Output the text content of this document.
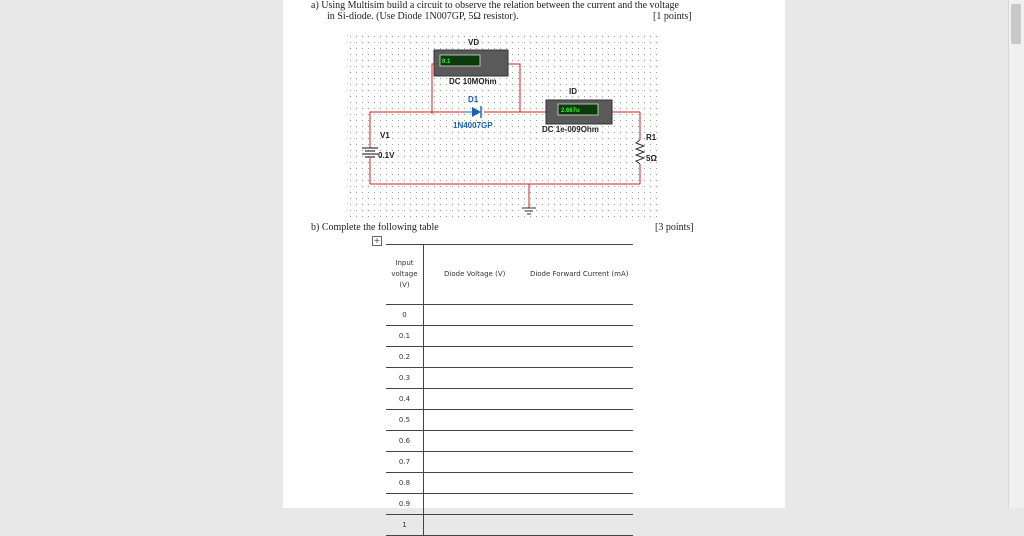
a) Using Multisim build a circuit to observe the relation between the current and the voltage
in Si-diode. (Use Diode 1N007GP, 5Ω resistor).	[1 points]
0.1
VD
DC 10MOhm
D1
1N4007GP
ID
2.667u
DC 1e-009Ohm
V1
0.1V
R1
5Ω
b) Complete the following table	[3 points]
+
Input voltage (V)	Diode Voltage (V)	Diode Forward Current (mA)
0		
0.1		
0.2		
0.3		
0.4		
0.5		
0.6		
0.7		
0.8		
0.9		
1		
